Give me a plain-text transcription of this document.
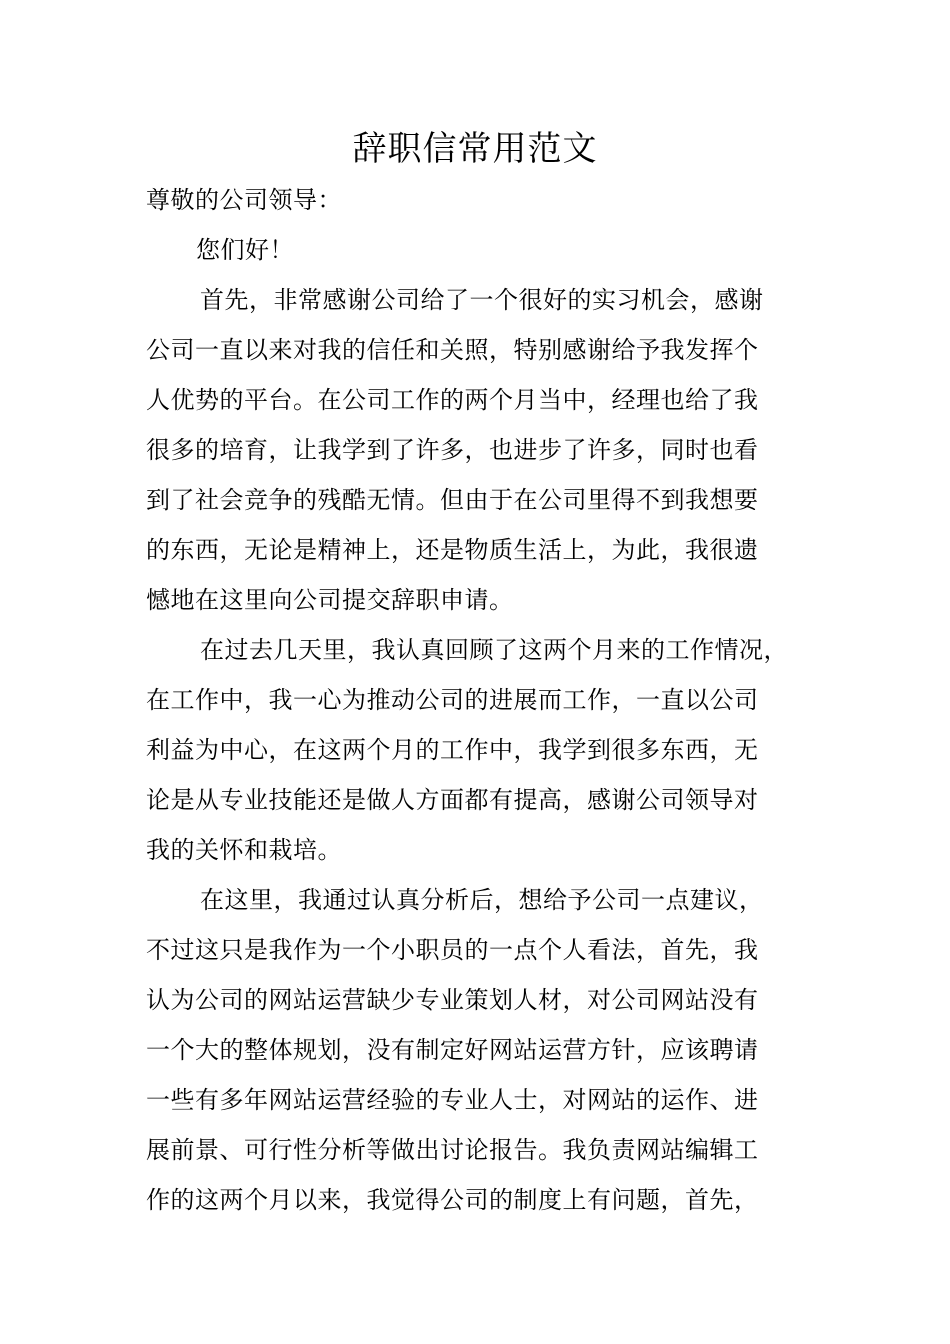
辞职信常用范文
尊敬的公司领导：
您们好！
首先，非常感谢公司给了一个很好的实习机会，感谢
公司一直以来对我的信任和关照，特别感谢给予我发挥个
人优势的平台。在公司工作的两个月当中，经理也给了我
很多的培育，让我学到了许多，也进步了许多，同时也看
到了社会竞争的残酷无情。但由于在公司里得不到我想要
的东西，无论是精神上，还是物质生活上，为此，我很遗
憾地在这里向公司提交辞职申请。
在过去几天里，我认真回顾了这两个月来的工作情况，
在工作中，我一心为推动公司的进展而工作，一直以公司
利益为中心，在这两个月的工作中，我学到很多东西，无
论是从专业技能还是做人方面都有提高，感谢公司领导对
我的关怀和栽培。
在这里，我通过认真分析后，想给予公司一点建议，
不过这只是我作为一个小职员的一点个人看法，首先，我
认为公司的网站运营缺少专业策划人材，对公司网站没有
一个大的整体规划，没有制定好网站运营方针，应该聘请
一些有多年网站运营经验的专业人士，对网站的运作、进
展前景、可行性分析等做出讨论报告。我负责网站编辑工
作的这两个月以来，我觉得公司的制度上有问题，首先，
